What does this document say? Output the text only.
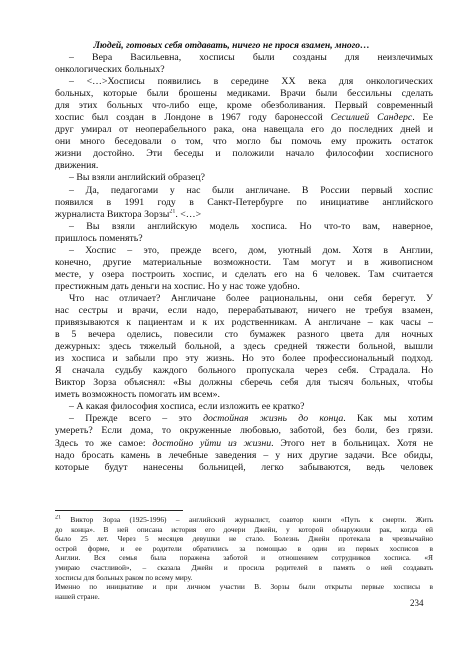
Людей, готовых себя отдавать, ничего не прося взамен, много…
– Вера Васильевна, хосписы были созданы для неизлечимых
онкологических больных?
– <…>Хосписы появились в середине XX века для онкологических
больных, которые были брошены медиками. Врачи были бессильны сделать
для этих больных что-либо еще, кроме обезболивания. Первый современный
хоспис был создан в Лондоне в 1967 году баронессой Сесилией Сандерс. Ее
друг умирал от неоперабельного рака, она навещала его до последних дней и
они много беседовали о том, что могло бы помочь ему прожить остаток
жизни достойно. Эти беседы и положили начало философии хосписного
движения.
– Вы взяли английский образец?
– Да, педагогами у нас были англичане. В России первый хоспис
появился в 1991 году в Санкт-Петербурге по инициативе английского
журналиста Виктора Зорзы$^{21}$. <…>
– Вы взяли английскую модель хосписа. Но что-то вам, наверное,
пришлось поменять?
– Хоспис – это, прежде всего, дом, уютный дом. Хотя в Англии,
конечно, другие материальные возможности. Там могут и в живописном
месте, у озера построить хоспис, и сделать его на 6 человек. Там считается
престижным дать деньги на хоспис. Но у нас тоже удобно.
Что нас отличает? Англичане более рациональны, они себя берегут. У
нас сестры и врачи, если надо, перерабатывают, ничего не требуя взамен,
привязываются к пациентам и к их родственникам. А англичане – как часы –
в 5 вечера оделись, повесили сто бумажек разного цвета для ночных
дежурных: здесь тяжелый больной, а здесь средней тяжести больной, вышли
из хосписа и забыли про эту жизнь. Но это более профессиональный подход.
Я сначала судьбу каждого больного пропускала через себя. Страдала. Но
Виктор Зорза объяснял: «Вы должны сберечь себя для тысяч больных, чтобы
иметь возможность помогать им всем».
– А какая философия хосписа, если изложить ее кратко?
– Прежде всего – это достойная жизнь до конца. Как мы хотим
умереть? Если дома, то окруженные любовью, заботой, без боли, без грязи.
Здесь то же самое: достойно уйти из жизни. Этого нет в больницах. Хотя не
надо бросать камень в лечебные заведения – у них другие задачи. Все обиды,
которые будут нанесены больницей, легко забываются, ведь человек
$^{21}$ Виктор Зорза (1925-1996) – английский журналист, соавтор книги «Путь к смерти. Жить
до конца». В ней описана история его дочери Джейн, у которой обнаружили рак, когда ей
было 25 лет. Через 5 месяцев девушки не стало. Болезнь Джейн протекала в чрезвычайно
острой форме, и ее родители обратились за помощью в один из первых хосписов в
Англии. Вся семья была поражена заботой и отношением сотрудников хосписа. «Я
умираю счастливой», – сказала Джейн и просила родителей в память о ней создавать
хосписы для больных раком по всему миру.
Именно по инициативе и при личном участии В. Зорзы были открыты первые хосписы в
нашей стране.
234
